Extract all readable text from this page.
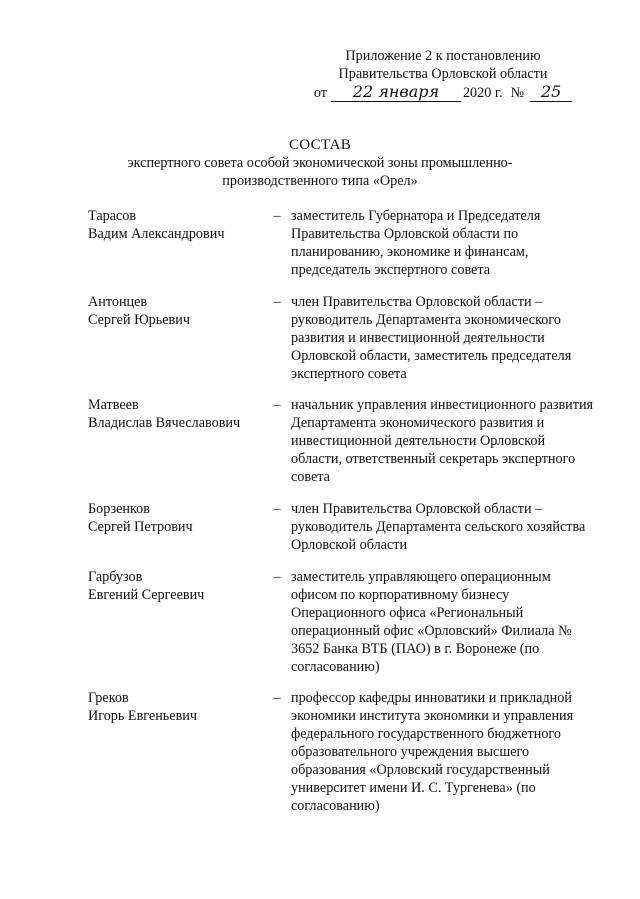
Приложение 2 к постановлению
Правительства Орловской области
от	22 января	2020 г. №	25
СОСТАВ
экспертного совета особой экономической зоны промышленно-
производственного типа «Орел»
Тарасов
Вадим Александрович
– заместитель Губернатора и Председателя Правительства Орловской области по планированию, экономике и финансам, председатель экспертного совета
Антонцев
Сергей Юрьевич
– член Правительства Орловской области – руководитель Департамента экономического развития и инвестиционной деятельности Орловской области, заместитель председателя экспертного совета
Матвеев
Владислав Вячеславович
– начальник управления инвестиционного развития Департамента экономического развития и инвестиционной деятельности Орловской области, ответственный секретарь экспертного совета
Борзенков
Сергей Петрович
– член Правительства Орловской области – руководитель Департамента сельского хозяйства Орловской области
Гарбузов
Евгений Сергеевич
– заместитель управляющего операционным офисом по корпоративному бизнесу Операционного офиса «Региональный операционный офис «Орловский» Филиала № 3652 Банка ВТБ (ПАО) в г. Воронеже (по согласованию)
Греков
Игорь Евгеньевич
– профессор кафедры инноватики и прикладной экономики института экономики и управления федерального государственного бюджетного образовательного учреждения высшего образования «Орловский государственный университет имени И. С. Тургенева» (по согласованию)
